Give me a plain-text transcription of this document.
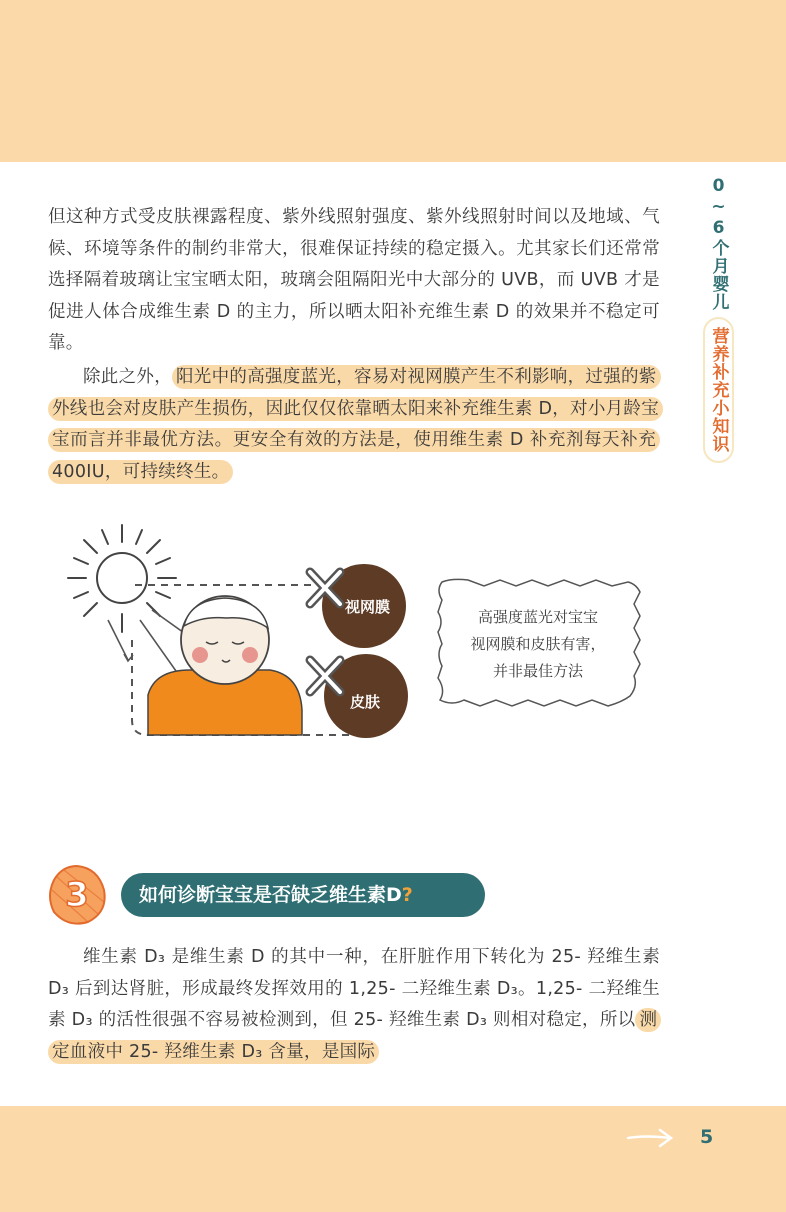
0~6个月婴儿
营养补充小知识

但这种方式受皮肤裸露程度、紫外线照射强度、紫外线照射时间以及地域、气候、环境等条件的制约非常大，很难保证持续的稳定摄入。尤其家长们还常常选择隔着玻璃让宝宝晒太阳，玻璃会阻隔阳光中大部分的 UVB，而 UVB 才是促进人体合成维生素 D 的主力，所以晒太阳补充维生素 D 的效果并不稳定可靠。

除此之外， 阳光中的高强度蓝光，容易对视网膜产生不利影响，过强的紫外线也会对皮肤产生损伤，因此仅仅依靠晒太阳来补充维生素 D，对小月龄宝宝而言并非最优方法。更安全有效的方法是，使用维生素 D 补充剂每天补充 400IU，可持续终生。

视网膜
皮肤
高强度蓝光对宝宝
视网膜和皮肤有害，
并非最佳方法
3	如何诊断宝宝是否缺乏维生素D?

维生素 D₃ 是维生素 D 的其中一种，在肝脏作用下转化为 25- 羟维生素 D₃ 后到达肾脏，形成最终发挥效用的 1,25- 二羟维生素 D₃。1,25- 二羟维生素 D₃ 的活性很强不容易被检测到，但 25- 羟维生素 D₃ 则相对稳定，所以 测定血液中 25- 羟维生素 D₃ 含量，是国际

5
